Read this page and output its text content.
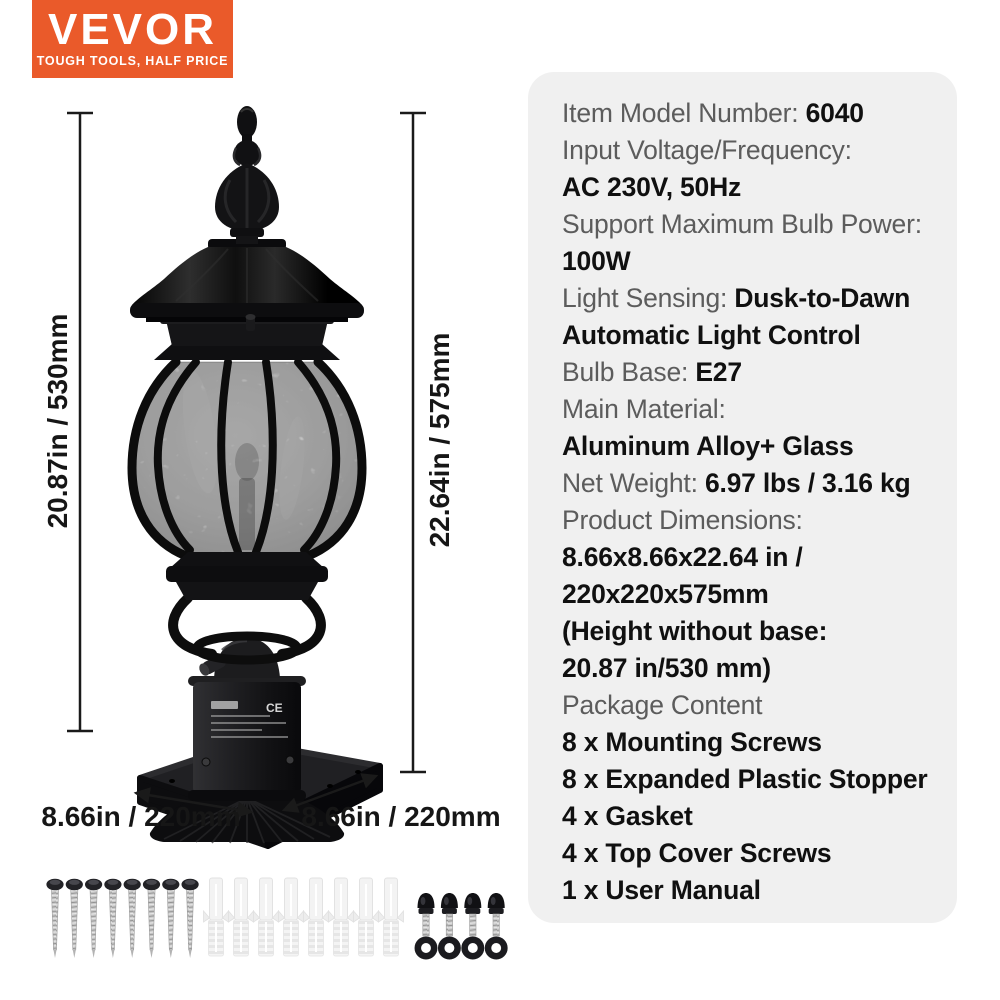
VEVOR
TOUGH TOOLS, HALF PRICE
CE
20.87in / 530mm	22.64in / 575mm
8.66in / 220mm	8.66in / 220mm
Item Model Number: 6040
Input Voltage/Frequency:
AC 230V, 50Hz
Support Maximum Bulb Power:
100W
Light Sensing: Dusk-to-Dawn
Automatic Light Control
Bulb Base: E27
Main Material:
Aluminum Alloy+ Glass
Net Weight: 6.97 lbs / 3.16 kg
Product Dimensions:
8.66x8.66x22.64 in /
220x220x575mm
(Height without base:
20.87 in/530 mm)
Package Content
8 x Mounting Screws
8 x Expanded Plastic Stopper
4 x Gasket
4 x Top Cover Screws
1 x User Manual
